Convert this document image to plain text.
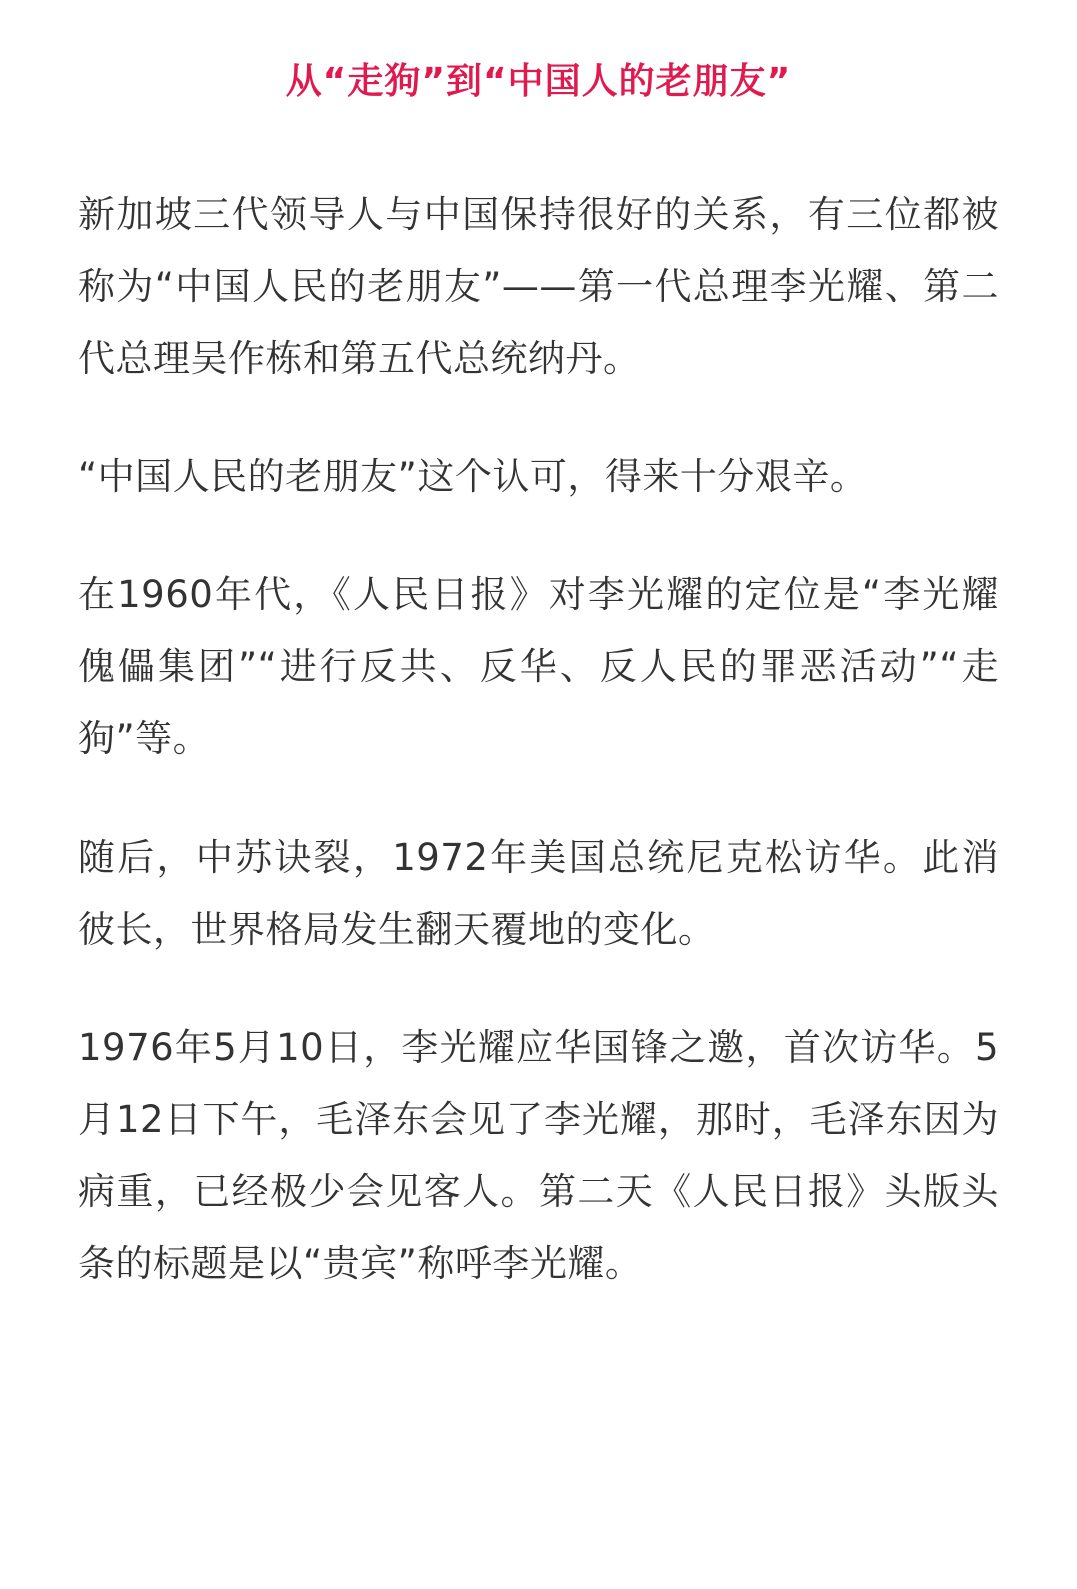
从“走狗”到“中国人的老朋友”

新加坡三代领导人与中国保持很好的关系，有三位都被称为“中国人民的老朋友”——第一代总理李光耀、第二代总理吴作栋和第五代总统纳丹。

“中国人民的老朋友”这个认可，得来十分艰辛。

在1960年代，《人民日报》对李光耀的定位是“李光耀傀儡集团”“进行反共、反华、反人民的罪恶活动”“走狗”等。

随后，中苏诀裂，1972年美国总统尼克松访华。此消彼长，世界格局发生翻天覆地的变化。

1976年5月10日，李光耀应华国锋之邀，首次访华。5月12日下午，毛泽东会见了李光耀，那时，毛泽东因为病重，已经极少会见客人。第二天《人民日报》头版头条的标题是以“贵宾”称呼李光耀。
